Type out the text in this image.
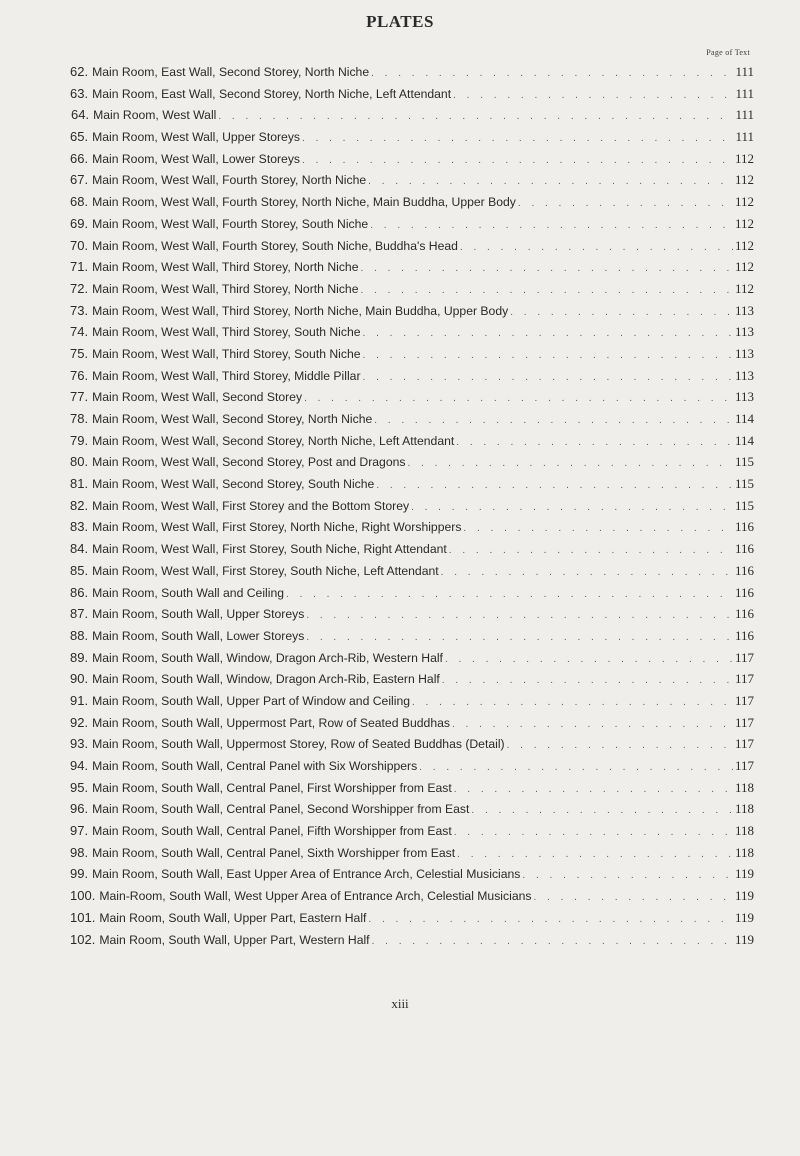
PLATES
Page of Text
62. Main Room, East Wall, Second Storey, North Niche . . .	111
63. Main Room, East Wall, Second Storey, North Niche, Left Attendant . . .	111
64. Main Room, West Wall . . .	111
65. Main Room, West Wall, Upper Storeys . . .	111
66. Main Room, West Wall, Lower Storeys . . .	112
67. Main Room, West Wall, Fourth Storey, North Niche . . .	112
68. Main Room, West Wall, Fourth Storey, North Niche, Main Buddha, Upper Body . . .	112
69. Main Room, West Wall, Fourth Storey, South Niche . . .	112
70. Main Room, West Wall, Fourth Storey, South Niche, Buddha's Head . . .	112
71. Main Room, West Wall, Third Storey, North Niche . . .	112
72. Main Room, West Wall, Third Storey, North Niche . . .	112
73. Main Room, West Wall, Third Storey, North Niche, Main Buddha, Upper Body . . .	113
74. Main Room, West Wall, Third Storey, South Niche . . .	113
75. Main Room, West Wall, Third Storey, South Niche . . .	113
76. Main Room, West Wall, Third Storey, Middle Pillar . . .	113
77. Main Room, West Wall, Second Storey . . .	113
78. Main Room, West Wall, Second Storey, North Niche . . .	114
79. Main Room, West Wall, Second Storey, North Niche, Left Attendant . . .	114
80. Main Room, West Wall, Second Storey, Post and Dragons . . .	115
81. Main Room, West Wall, Second Storey, South Niche . . .	115
82. Main Room, West Wall, First Storey and the Bottom Storey . . .	115
83. Main Room, West Wall, First Storey, North Niche, Right Worshippers . . .	116
84. Main Room, West Wall, First Storey, South Niche, Right Attendant . . .	116
85. Main Room, West Wall, First Storey, South Niche, Left Attendant . . .	116
86. Main Room, South Wall and Ceiling . . .	116
87. Main Room, South Wall, Upper Storeys . . .	116
88. Main Room, South Wall, Lower Storeys . . .	116
89. Main Room, South Wall, Window, Dragon Arch-Rib, Western Half . . .	117
90. Main Room, South Wall, Window, Dragon Arch-Rib, Eastern Half . . .	117
91. Main Room, South Wall, Upper Part of Window and Ceiling . . .	117
92. Main Room, South Wall, Uppermost Part, Row of Seated Buddhas . . .	117
93. Main Room, South Wall, Uppermost Storey, Row of Seated Buddhas (Detail) . . .	117
94. Main Room, South Wall, Central Panel with Six Worshippers . . .	117
95. Main Room, South Wall, Central Panel, First Worshipper from East . . .	118
96. Main Room, South Wall, Central Panel, Second Worshipper from East . . .	118
97. Main Room, South Wall, Central Panel, Fifth Worshipper from East . . .	118
98. Main Room, South Wall, Central Panel, Sixth Worshipper from East . . .	118
99. Main Room, South Wall, East Upper Area of Entrance Arch, Celestial Musicians . . .	119
100. Main-Room, South Wall, West Upper Area of Entrance Arch, Celestial Musicians . . .	119
101. Main Room, South Wall, Upper Part, Eastern Half . . .	119
102. Main Room, South Wall, Upper Part, Western Half . . .	119
xiii
